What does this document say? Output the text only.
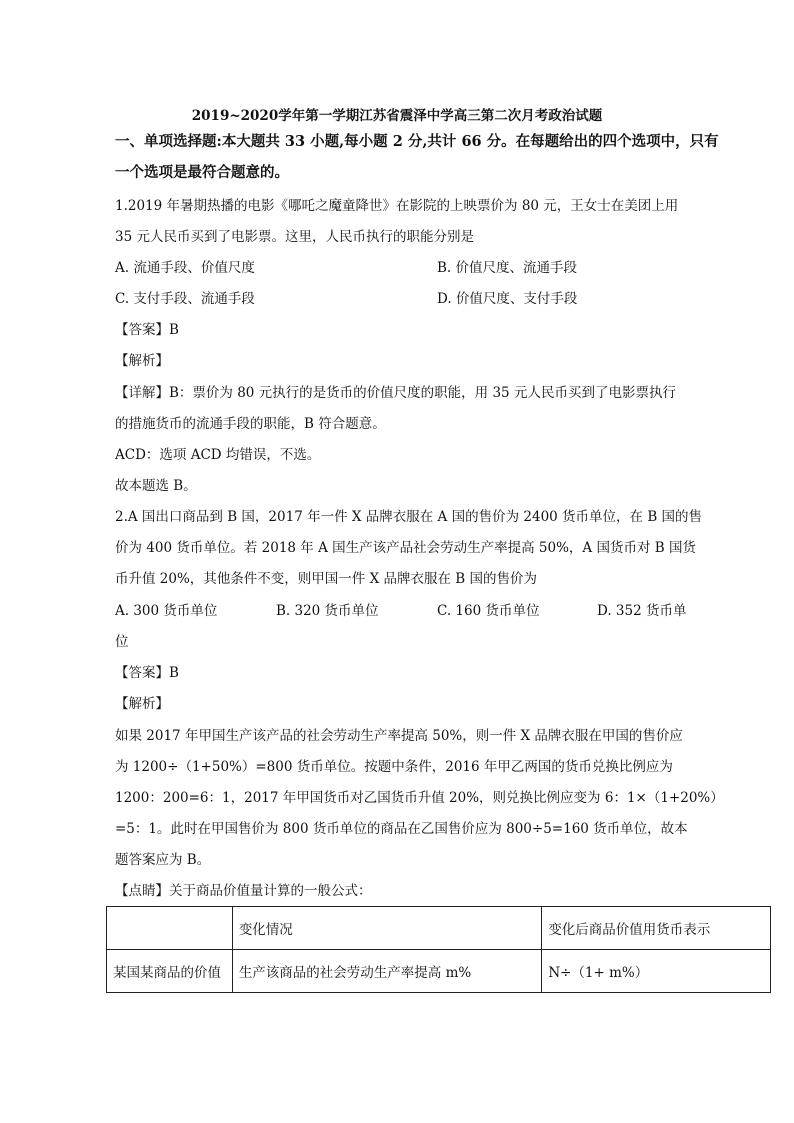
2019~2020学年第一学期江苏省震泽中学高三第二次月考政治试题
一、单项选择题:本大题共 33 小题,每小题 2 分,共计 66 分。在每题给出的四个选项中，只有
一个选项是最符合题意的。
1.2019 年暑期热播的电影《哪吒之魔童降世》在影院的上映票价为 80 元，王女士在美团上用
35 元人民币买到了电影票。这里，人民币执行的职能分别是
A. 流通手段、价值尺度	B. 价值尺度、流通手段
C. 支付手段、流通手段	D. 价值尺度、支付手段
【答案】B
【解析】
【详解】B：票价为 80 元执行的是货币的价值尺度的职能，用 35 元人民币买到了电影票执行
的措施货币的流通手段的职能，B 符合题意。
ACD：选项 ACD 均错误，不选。
故本题选 B。
2.A 国出口商品到 B 国，2017 年一件 X 品牌衣服在 A 国的售价为 2400 货币单位，在 B 国的售
价为 400 货币单位。若 2018 年 A 国生产该产品社会劳动生产率提高 50%，A 国货币对 B 国货
币升值 20%，其他条件不变，则甲国一件 X 品牌衣服在 B 国的售价为
A. 300 货币单位	B. 320 货币单位	C. 160 货币单位	D. 352 货币单
位
【答案】B
【解析】
如果 2017 年甲国生产该产品的社会劳动生产率提高 50%，则一件 X 品牌衣服在甲国的售价应
为 1200÷（1+50%）=800 货币单位。按题中条件，2016 年甲乙两国的货币兑换比例应为
1200：200=6：1，2017 年甲国货币对乙国货币升值 20%，则兑换比例应变为 6：1×（1+20%）
=5：1。此时在甲国售价为 800 货币单位的商品在乙国售价应为 800÷5=160 货币单位，故本
题答案应为 B。
【点睛】关于商品价值量计算的一般公式：
	变化情况	变化后商品价值用货币表示
某国某商品的价值	生产该商品的社会劳动生产率提高 m%	N÷（1+ m%）
